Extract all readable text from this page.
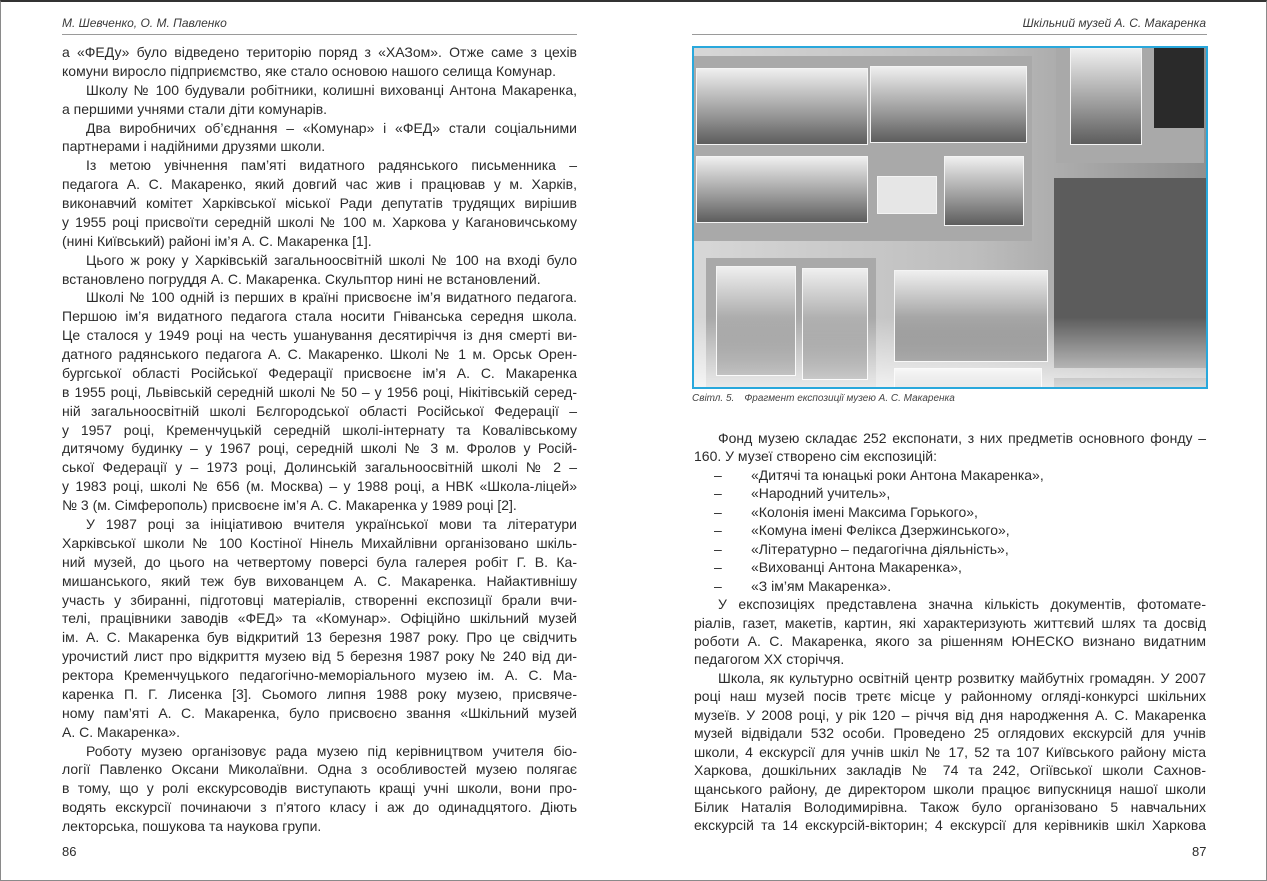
М. Шевченко, О. М. Павленко
а «ФЕДу» було відведено територію поряд з «ХАЗом». Отже саме з цехів
комуни виросло підприємство, яке стало основою нашого селища Комунар.
Школу № 100 будували робітники, колишні вихованці Антона Макаренка,
а першими учнями стали діти комунарів.
Два виробничих об’єднання – «Комунар» і «ФЕД» стали соціальними
партнерами і надійними друзями школи.
Із метою увічнення пам’яті видатного радянського письменника –
педагога А. С. Макаренко, який довгий час жив і працював у м. Харків,
виконавчий комітет Харківської міської Ради депутатів трудящих вирішив
у 1955 році присвоїти середній школі № 100 м. Харкова у Кагановичському
(нині Київський) районі ім’я А. С. Макаренка [1].
Цього ж року у Харківській загальноосвітній школі № 100 на вході було
встановлено погруддя А. С. Макаренка. Скульптор нині не встановлений.
Школі № 100 одній із перших в країні присвоєне ім’я видатного педагога.
Першою ім’я видатного педагога стала носити Гніванська середня школа.
Це сталося у 1949 році на честь ушанування десятиріччя із дня смерті ви-
датного радянського педагога А. С. Макаренко. Школі № 1 м. Орськ Орен-
бургської області Російської Федерації присвоєне ім’я А. С. Макаренка
в 1955 році, Львівській середній школі № 50 – у 1956 році, Нікітівській серед-
ній загальноосвітній школі Бєлгородської області Російської Федерації –
у 1957 році, Кременчуцькій середній школі-інтернату та Ковалівському
дитячому будинку – у 1967 році, середній школі № 3 м. Фролов у Росій-
ської Федерації у – 1973 році, Долинській загальноосвітній школі № 2 –
у 1983 році, школі № 656 (м. Москва) – у 1988 році, а НВК «Школа-ліцей»
№ 3 (м. Сімферополь) присвоєне ім’я А. С. Макаренка у 1989 році [2].
У 1987 році за ініціативою вчителя української мови та літератури
Харківської школи № 100 Костіної Нінель Михайлівни організовано шкіль-
ний музей, до цього на четвертому поверсі була галерея робіт Г. В. Ка-
мишанського, який теж був вихованцем А. С. Макаренка. Найактивнішу
участь у збиранні, підготовці матеріалів, створенні експозиції брали вчи-
телі, працівники заводів «ФЕД» та «Комунар». Офіційно шкільний музей
ім. А. С. Макаренка був відкритий 13 березня 1987 року. Про це свідчить
урочистий лист про відкриття музею від 5 березня 1987 року № 240 від ди-
ректора Кременчуцького педагогічно-меморіального музею ім. А. С. Ма-
каренка П. Г. Лисенка [3]. Сьомого липня 1988 року музею, присвяче-
ному пам’яті А. С. Макаренка, було присвоєно звання «Шкільний музей
А. С. Макаренка».
Роботу музею організовує рада музею під керівництвом учителя біо-
логії Павленко Оксани Миколаївни. Одна з особливостей музею полягає
в тому, що у ролі екскурсоводів виступають кращі учні школи, вони про-
водять екскурсії починаючи з п’ятого класу і аж до одинадцятого. Діють
лекторська, пошукова та наукова групи.
86
Шкільний музей А. С. Макаренка
Світл. 5. Фрагмент експозиції музею А. С. Макаренка
Фонд музею складає 252 експонати, з них предметів основного фонду –
160. У музеї створено сім експозицій:
–	«Дитячі та юнацькі роки Антона Макаренка»,
–	«Народний учитель»,
–	«Колонія імені Максима Горького»,
–	«Комуна імені Фелікса Дзержинського»,
–	«Літературно – педагогічна діяльність»,
–	«Вихованці Антона Макаренка»,
–	«З ім’ям Макаренка».
У експозиціях представлена значна кількість документів, фотомате-
ріалів, газет, макетів, картин, які характеризують життєвий шлях та досвід
роботи А. С. Макаренка, якого за рішенням ЮНЕСКО визнано видатним
педагогом XX сторіччя.
Школа, як культурно освітній центр розвитку майбутніх громадян. У 2007
році наш музей посів третє місце у районному огляді-конкурсі шкільних
музеїв. У 2008 році, у рік 120 – річчя від дня народження А. С. Макаренка
музей відвідали 532 особи. Проведено 25 оглядових екскурсій для учнів
школи, 4 екскурсії для учнів шкіл № 17, 52 та 107 Київського району міста
Харкова, дошкільних закладів № 74 та 242, Огіївської школи Сахнов-
щанського району, де директором школи працює випускниця нашої школи
Білик Наталія Володимирівна. Також було організовано 5 навчальних
екскурсій та 14 екскурсій-вікторин; 4 екскурсії для керівників шкіл Харкова
87
